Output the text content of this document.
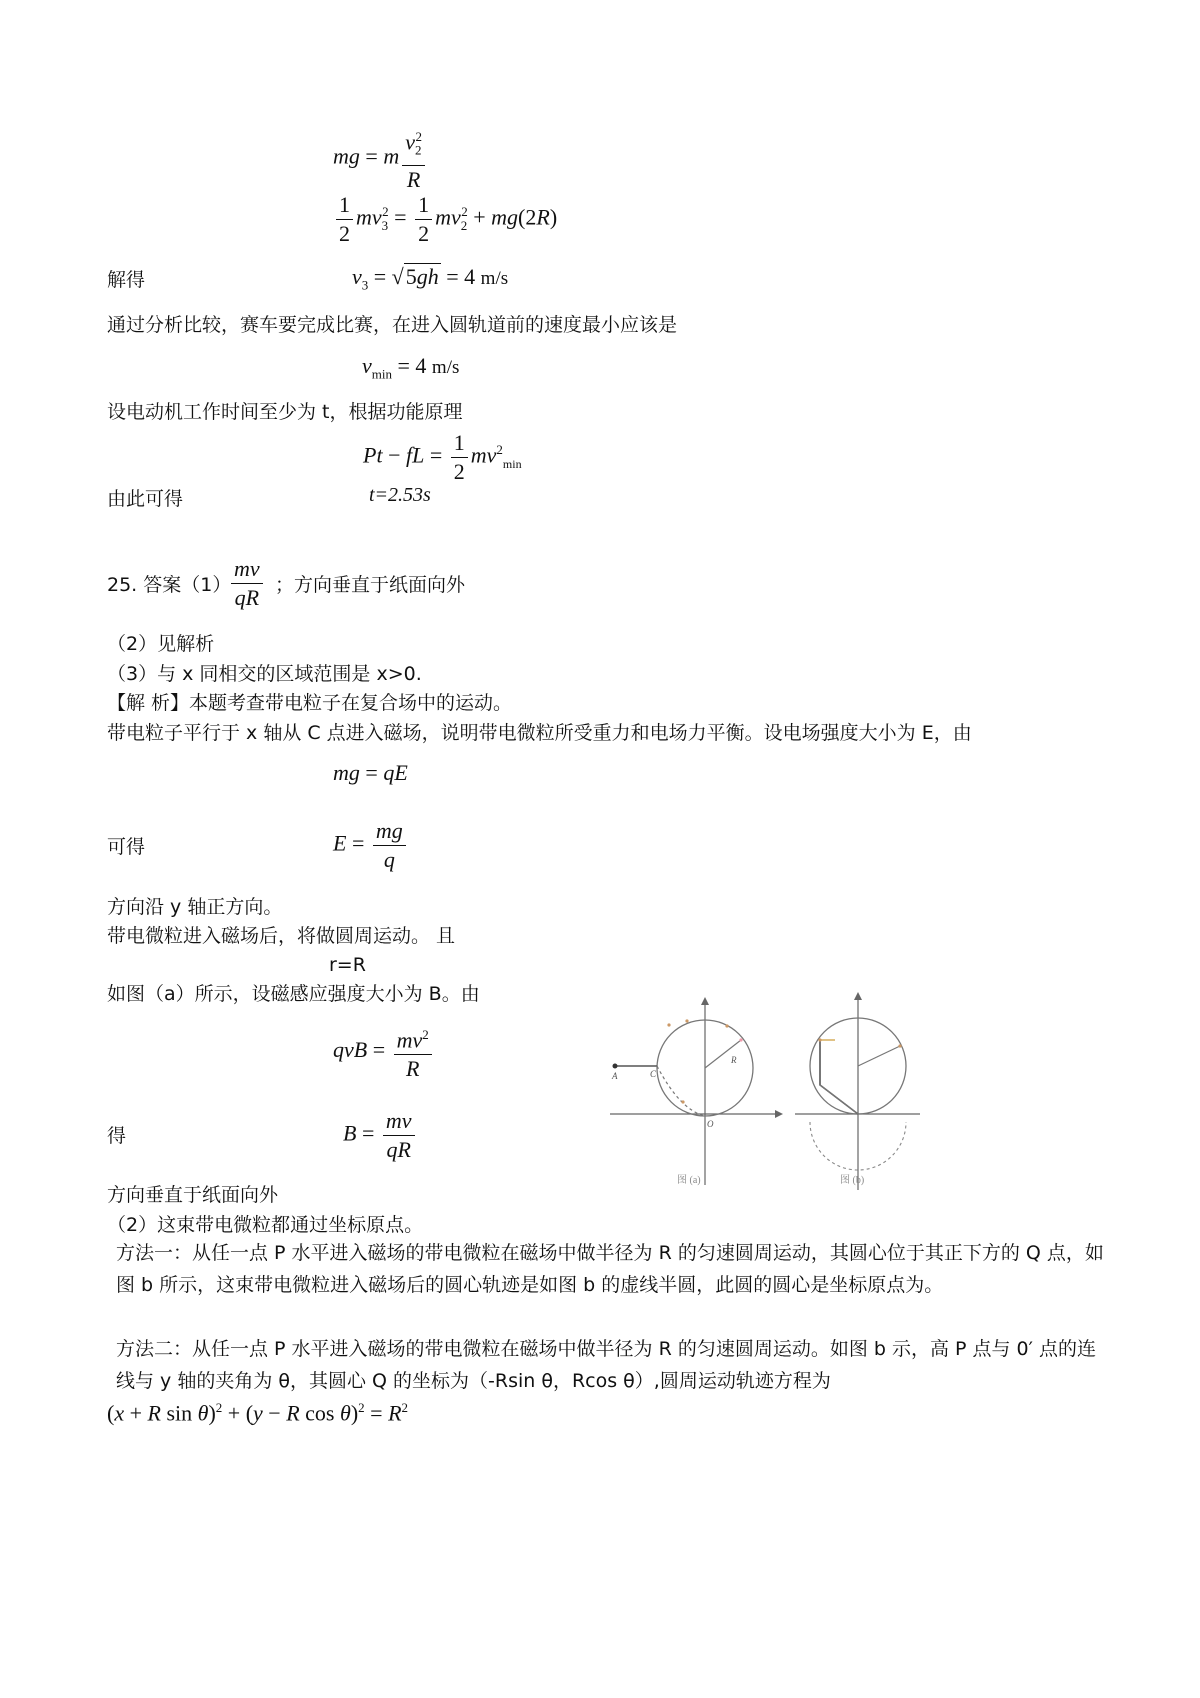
mg = m $\frac{v_2^2}{R}$
$\frac{1}{2} mv_3^2 = \frac{1}{2} mv_2^2 + mg(2R)$
解得	$v_3 = √5gh = 4$ m/s
通过分析比较，赛车要完成比赛，在进入圆轨道前的速度最小应该是
$v_{min} = 4$ m/s
设电动机工作时间至少为 t，根据功能原理
Pt − fL = $\frac{1}{2} mv^2_{min}$
由此可得	t=2.53s
25. 答案$(1) \frac{mv}{qR}$ ；方向垂直于纸面向外
（2）见解析
（3）与 x 同相交的区域范围是 x>0.
【解 析】本题考查带电粒子在复合场中的运动。
带电粒子平行于 x 轴从 C 点进入磁场，说明带电微粒所受重力和电场力平衡。设电场强度大小为 E，由
mg = qE
可得	$E = \frac{mg}{q}$
方向沿 y 轴正方向。
带电微粒进入磁场后，将做圆周运动。 且
r=R
如图（a）所示，设磁感应强度大小为 B。由
qvB = $\frac{mv^2}{R}$
得	$B = \frac{mv}{qR}$
方向垂直于纸面向外
（2）这束带电微粒都通过坐标原点。
方法一：从任一点 P 水平进入磁场的带电微粒在磁场中做半径为 R 的匀速圆周运动，其圆心位于其正下方的 Q 点，如图 b 所示，这束带电微粒进入磁场后的圆心轨迹是如图 b 的虚线半圆，此圆的圆心是坐标原点为。
方法二：从任一点 P 水平进入磁场的带电微粒在磁场中做半径为 R 的匀速圆周运动。如图 b 示，高 P 点与 0′ 点的连线与 y 轴的夹角为 θ，其圆心 Q 的坐标为（-Rsin θ，Rcos θ）,圆周运动轨迹方程为
(x + R sin θ)$^2$ + (y − R $\cos \theta)^2 = R^2$
A	C
R
O
图 (a)	图 (b)
